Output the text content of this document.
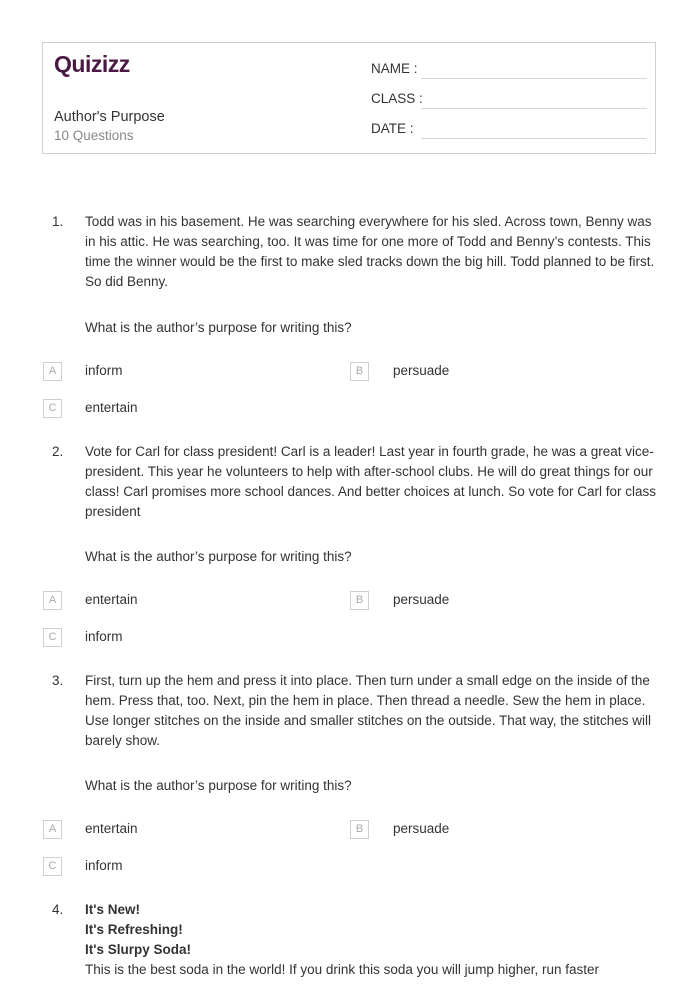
Quizizz
Author's Purpose
10 Questions
NAME :
CLASS :
DATE :
1. Todd was in his basement. He was searching everywhere for his sled. Across town, Benny was in his attic. He was searching, too. It was time for one more of Todd and Benny’s contests. This time the winner would be the first to make sled tracks down the big hill. Todd planned to be first. So did Benny.
What is the author’s purpose for writing this?
A	inform	B	persuade
C	entertain
2. Vote for Carl for class president! Carl is a leader! Last year in fourth grade, he was a great vice-president. This year he volunteers to help with after-school clubs. He will do great things for our class! Carl promises more school dances. And better choices at lunch. So vote for Carl for class president
What is the author’s purpose for writing this?
A	entertain	B	persuade
C	inform
3. First, turn up the hem and press it into place. Then turn under a small edge on the inside of the hem. Press that, too. Next, pin the hem in place. Then thread a needle. Sew the hem in place. Use longer stitches on the inside and smaller stitches on the outside. That way, the stitches will barely show.
What is the author’s purpose for writing this?
A	entertain	B	persuade
C	inform
4. It's New!
It's Refreshing!
It's Slurpy Soda!
This is the best soda in the world! If you drink this soda you will jump higher, run faster
